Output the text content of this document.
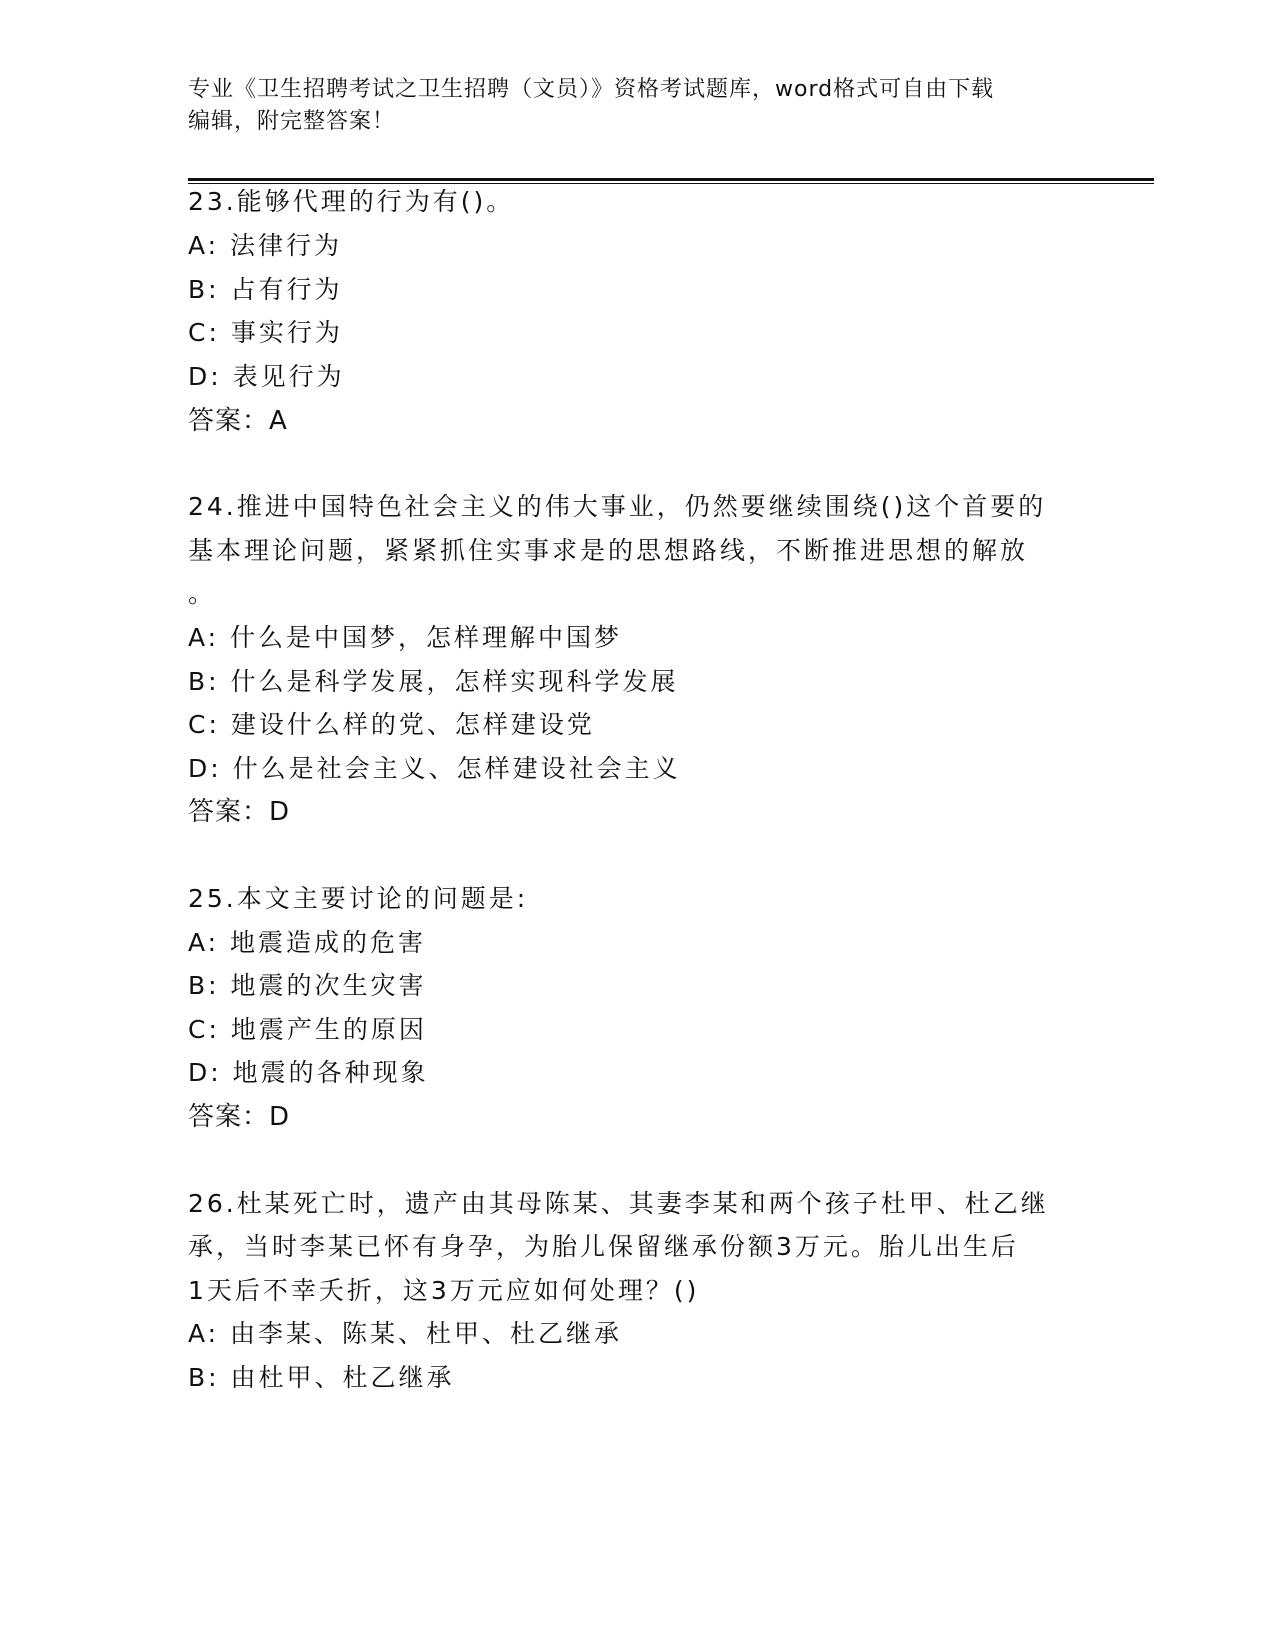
专业《卫生招聘考试之卫生招聘（文员）》资格考试题库，word格式可自由下载
编辑，附完整答案！
23.能够代理的行为有()。
A: 法律行为
B: 占有行为
C: 事实行为
D: 表见行为
答案：A
24.推进中国特色社会主义的伟大事业，仍然要继续围绕()这个首要的
基本理论问题，紧紧抓住实事求是的思想路线，不断推进思想的解放
。
A: 什么是中国梦，怎样理解中国梦
B: 什么是科学发展，怎样实现科学发展
C: 建设什么样的党、怎样建设党
D: 什么是社会主义、怎样建设社会主义
答案：D
25.本文主要讨论的问题是:
A: 地震造成的危害
B: 地震的次生灾害
C: 地震产生的原因
D: 地震的各种现象
答案：D
26.杜某死亡时，遗产由其母陈某、其妻李某和两个孩子杜甲、杜乙继
承，当时李某已怀有身孕，为胎儿保留继承份额3万元。胎儿出生后
1天后不幸夭折，这3万元应如何处理？()
A: 由李某、陈某、杜甲、杜乙继承
B: 由杜甲、杜乙继承
